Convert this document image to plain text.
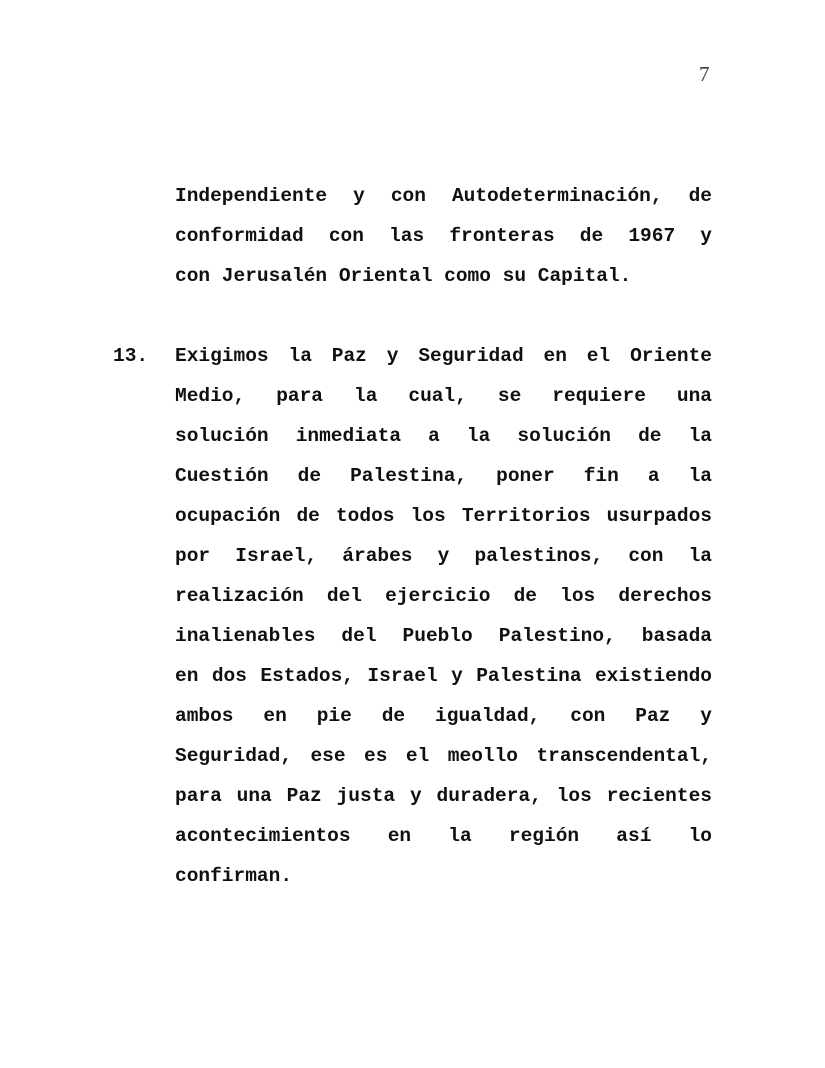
7
Independiente y con Autodeterminación, de
conformidad con las fronteras de 1967 y
con Jerusalén Oriental como su Capital.
13.	Exigimos la Paz y Seguridad en el Oriente
Medio, para la cual, se requiere una
solución inmediata a la solución de la
Cuestión de Palestina, poner fin a la
ocupación de todos los Territorios usurpados
por Israel, árabes y palestinos, con la
realización del ejercicio de los derechos
inalienables del Pueblo Palestino, basada
en dos Estados, Israel y Palestina existiendo
ambos en pie de igualdad, con Paz y
Seguridad, ese es el meollo transcendental,
para una Paz justa y duradera, los recientes
acontecimientos en la región así lo
confirman.
